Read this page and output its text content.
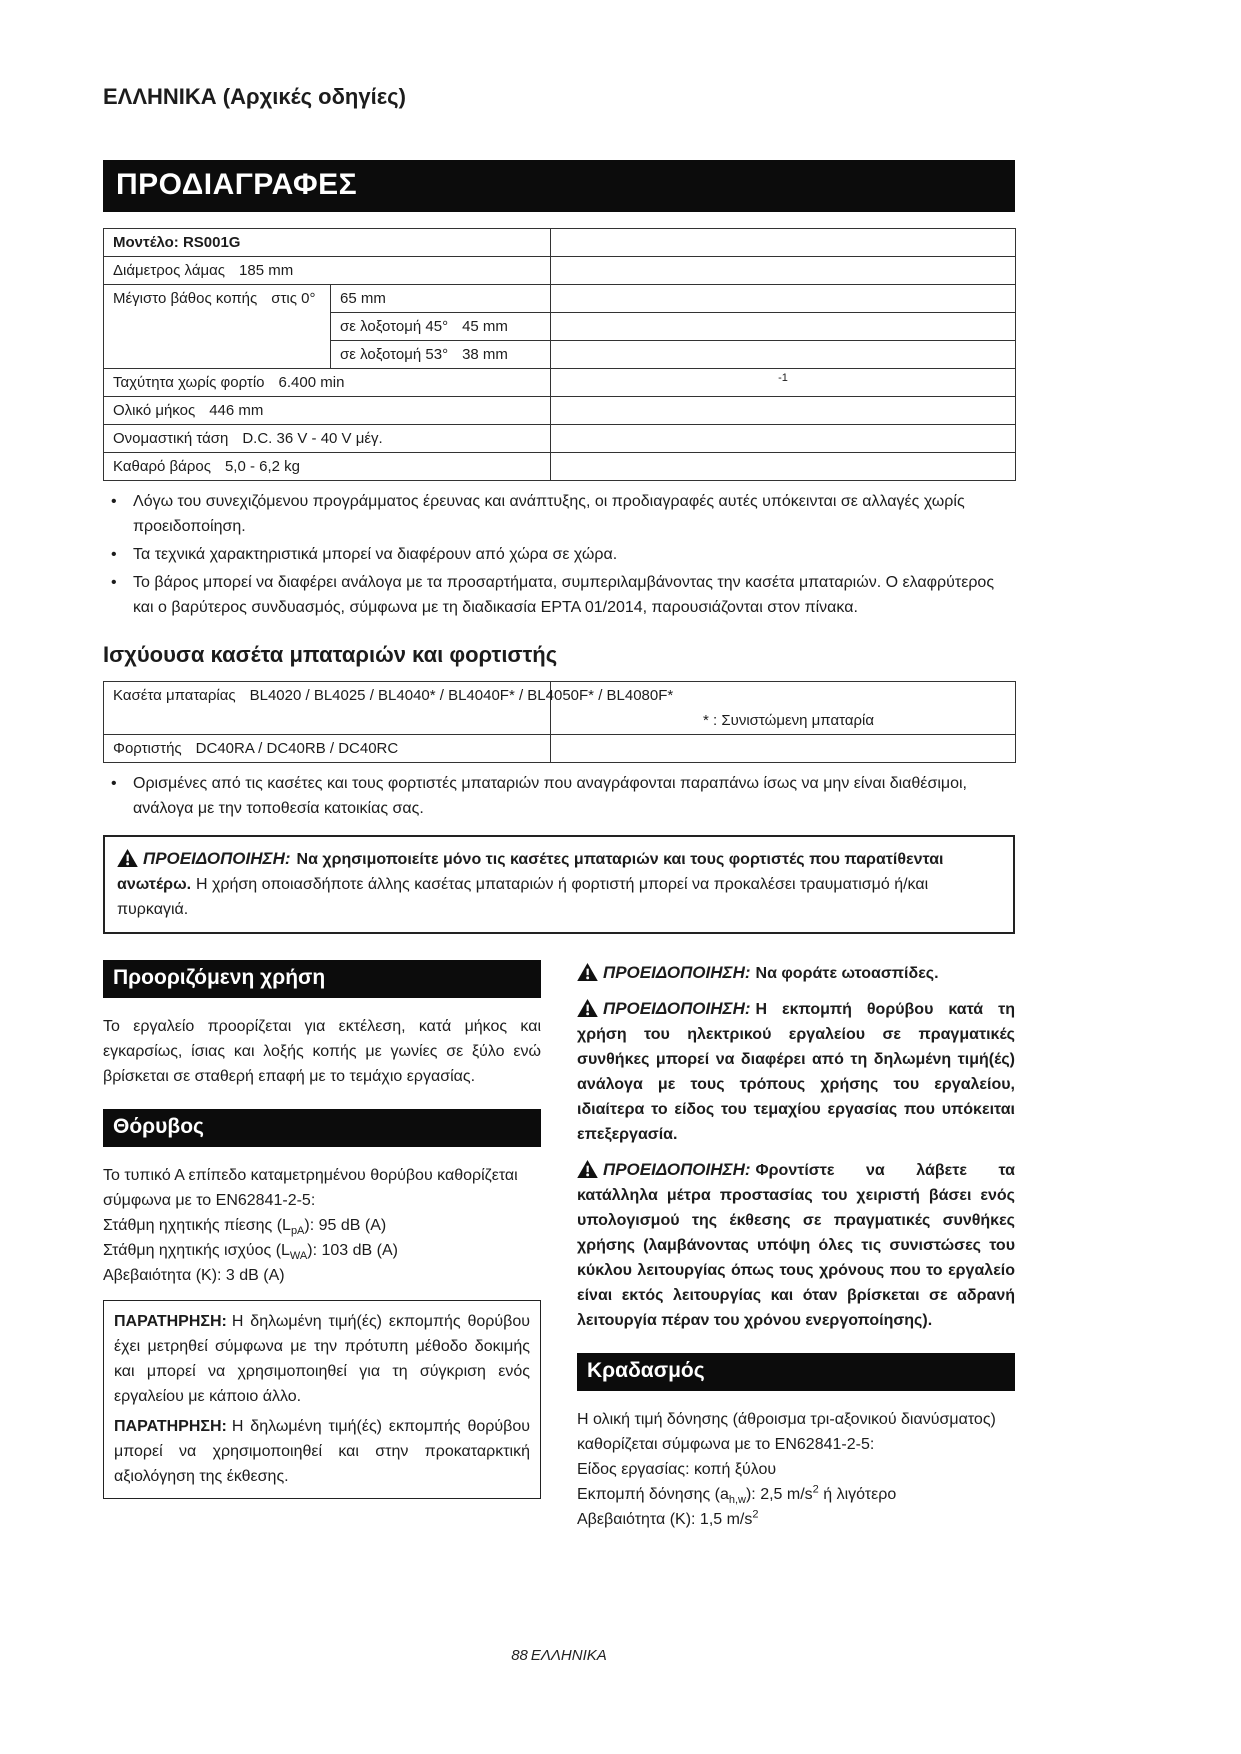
ΕΛΛΗΝΙΚΑ (Αρχικές οδηγίες)
ΠΡΟΔΙΑΓΡΑΦΕΣ
Μοντέλο: RS001G		
Διάμετρος λάμας 185 mm		
Μέγιστο βάθος κοπής στις 0°	65 mm	
	σε λοξοτομή 45° 45 mm	
	σε λοξοτομή 53° 38 mm	
Ταχύτητα χωρίς φορτίο 6.400 min		$^{-1}$
Ολικό μήκος 446 mm		
Ονομαστική τάση D.C. 36 V - 40 V μέγ.		
Καθαρό βάρος 5,0 - 6,2 kg		
• Λόγω του συνεχιζόμενου προγράμματος έρευνας και ανάπτυξης, οι προδιαγραφές αυτές υπόκεινται σε αλλαγές χωρίς προειδοποίηση.
• Τα τεχνικά χαρακτηριστικά μπορεί να διαφέρουν από χώρα σε χώρα.
• Το βάρος μπορεί να διαφέρει ανάλογα με τα προσαρτήματα, συμπεριλαμβάνοντας την κασέτα μπαταριών. Ο ελαφρύτερος και ο βαρύτερος συνδυασμός, σύμφωνα με τη διαδικασία EPTA 01/2014, παρουσιάζονται στον πίνακα.
Ισχύουσα κασέτα μπαταριών και φορτιστής
Κασέτα μπαταρίας BL4020 / BL4025 / BL4040* / BL4040F* / BL4050F* / BL4080F*	* : Συνιστώμενη μπαταρία
Φορτιστής DC40RA / DC40RB / DC40RC	
• Ορισμένες από τις κασέτες και τους φορτιστές μπαταριών που αναγράφονται παραπάνω ίσως να μην είναι διαθέσιμοι, ανάλογα με την τοποθεσία κατοικίας σας.
ΠΡΟΕΙΔΟΠΟΙΗΣΗ: Να χρησιμοποιείτε μόνο τις κασέτες μπαταριών και τους φορτιστές που παρατίθενται ανωτέρω. Η χρήση οποιασδήποτε άλλης κασέτας μπαταριών ή φορτιστή μπορεί να προκαλέσει τραυματισμό ή/και πυρκαγιά.
Προοριζόμενη χρήση

Το εργαλείο προορίζεται για εκτέλεση, κατά μήκος και εγκαρσίως, ίσιας και λοξής κοπής με γωνίες σε ξύλο ενώ βρίσκεται σε σταθερή επαφή με το τεμάχιο εργασίας.

Θόρυβος
Το τυπικό Α επίπεδο καταμετρημένου θορύβου καθορίζεται σύμφωνα με το EN62841-2-5:
Στάθμη ηχητικής πίεσης $(L_{pA})$: 95 dB (A)
Στάθμη ηχητικής ισχύος $(L_{WA})$: 103 dB (A)
Αβεβαιότητα (Κ): 3 dB (A)

ΠΑΡΑΤΗΡΗΣΗ: Η δηλωμένη τιμή(ές) εκπομπής θορύβου έχει μετρηθεί σύμφωνα με την πρότυπη μέθοδο δοκιμής και μπορεί να χρησιμοποιηθεί για τη σύγκριση ενός εργαλείου με κάποιο άλλο.

ΠΑΡΑΤΗΡΗΣΗ: Η δηλωμένη τιμή(ές) εκπομπής θορύβου μπορεί να χρησιμοποιηθεί και στην προκαταρκτική αξιολόγηση της έκθεσης.

ΠΡΟΕΙΔΟΠΟΙΗΣΗ: Να φοράτε ωτοασπίδες.

ΠΡΟΕΙΔΟΠΟΙΗΣΗ: Η εκπομπή θορύβου κατά τη χρήση του ηλεκτρικού εργαλείου σε πραγματικές συνθήκες μπορεί να διαφέρει από τη δηλωμένη τιμή(ές) ανάλογα με τους τρόπους χρήσης του εργαλείου, ιδιαίτερα το είδος του τεμαχίου εργασίας που υπόκειται επεξεργασία.

ΠΡΟΕΙΔΟΠΟΙΗΣΗ: Φροντίστε να λάβετε τα κατάλληλα μέτρα προστασίας του χειριστή βάσει ενός υπολογισμού της έκθεσης σε πραγματικές συνθήκες χρήσης (λαμβάνοντας υπόψη όλες τις συνιστώσες του κύκλου λειτουργίας όπως τους χρόνους που το εργαλείο είναι εκτός λειτουργίας και όταν βρίσκεται σε αδρανή λειτουργία πέραν του χρόνου ενεργοποίησης).

Κραδασμός
Η ολική τιμή δόνησης (άθροισμα τρι-αξονικού διανύσματος) καθορίζεται σύμφωνα με το EN62841-2-5:
Είδος εργασίας: κοπή ξύλου
Εκπομπή δόνησης $(a_{h,w})$: 2,5 $m/s^2$ ή λιγότερο
Αβεβαιότητα (Κ): 1,5 $m/s^2$
88 ΕΛΛΗΝΙΚΑ
